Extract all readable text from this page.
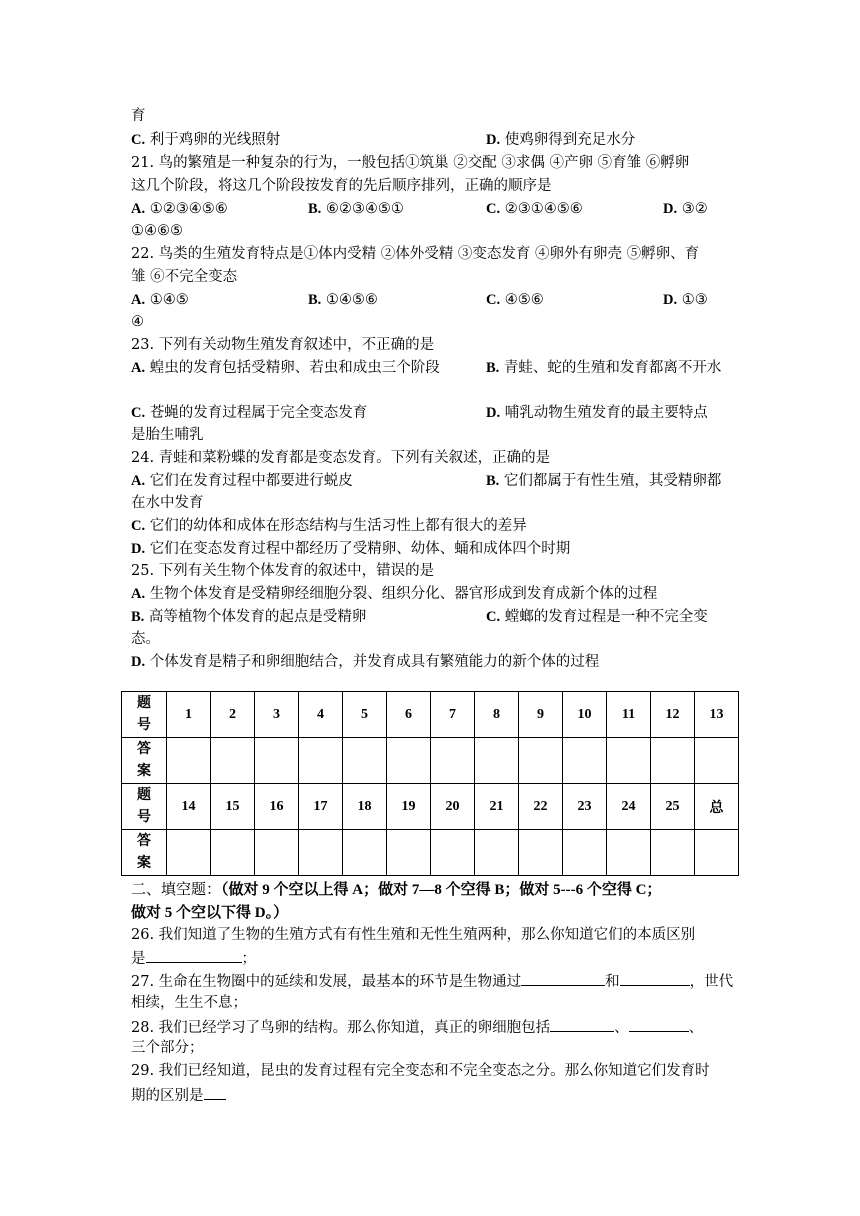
育
C. 利于鸡卵的光线照射	D. 使鸡卵得到充足水分
21. 鸟的繁殖是一种复杂的行为，一般包括①筑巢 ②交配 ③求偶 ④产卵 ⑤育雏 ⑥孵卵
这几个阶段，将这几个阶段按发育的先后顺序排列，正确的顺序是
A. ①②③④⑤⑥	B. ⑥②③④⑤①	C. ②③①④⑤⑥	D. ③②
①④⑥⑤
22. 鸟类的生殖发育特点是①体内受精 ②体外受精 ③变态发育 ④卵外有卵壳 ⑤孵卵、育
雏 ⑥不完全变态
A. ①④⑤	B. ①④⑤⑥	C. ④⑤⑥	D. ①③
④
23. 下列有关动物生殖发育叙述中，不正确的是
A. 蝗虫的发育包括受精卵、若虫和成虫三个阶段	B. 青蛙、蛇的生殖和发育都离不开水
C. 苍蝇的发育过程属于完全变态发育	D. 哺乳动物生殖发育的最主要特点
是胎生哺乳
24. 青蛙和菜粉蝶的发育都是变态发育。下列有关叙述，正确的是
A. 它们在发育过程中都要进行蜕皮	B. 它们都属于有性生殖，其受精卵都
在水中发育
C. 它们的幼体和成体在形态结构与生活习性上都有很大的差异
D. 它们在变态发育过程中都经历了受精卵、幼体、蛹和成体四个时期
25. 下列有关生物个体发育的叙述中，错误的是
A. 生物个体发育是受精卵经细胞分裂、组织分化、器官形成到发育成新个体的过程
B. 高等植物个体发育的起点是受精卵	C. 螳螂的发育过程是一种不完全变
态。
D. 个体发育是精子和卵细胞结合，并发育成具有繁殖能力的新个体的过程
题
号	1	2	3	4	5	6	7	8	9	10	11	12	13

答
案													

题
号	14	15	16	17	18	19	20	21	22	23	24	25	总

答
案													

二、填空题：（做对 9 个空以上得 A；做对 7—8 个空得 B；做对 5---6 个空得 C；
做对 5 个空以下得 D。）
26. 我们知道了生物的生殖方式有有性生殖和无性生殖两种，那么你知道它们的本质区别
是	；
27. 生命在生物圈中的延续和发展，最基本的环节是生物通过	和	，世代
相续，生生不息；
28. 我们已经学习了鸟卵的结构。那么你知道，真正的卵细胞包括	、	、
三个部分；
29. 我们已经知道，昆虫的发育过程有完全变态和不完全变态之分。那么你知道它们发育时
期的区别是
